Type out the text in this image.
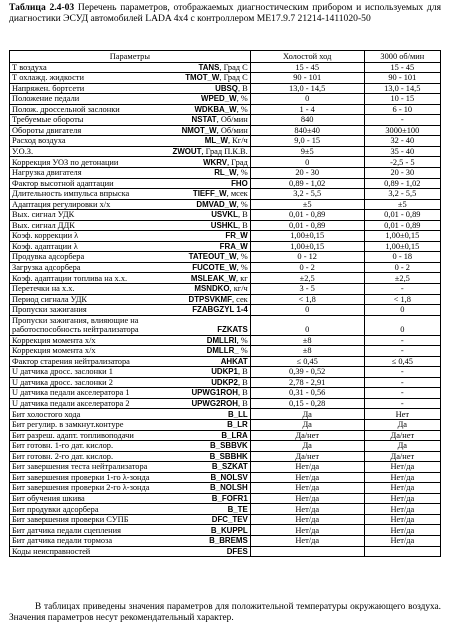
Таблица 2.4-03 Перечень параметров, отображаемых диагностическим прибором и используемых для диагностики ЭСУД автомобилей LADA 4x4 с контроллером ME17.9.7 21214-1411020-50
Параметры	Холостой ход	3000 об/мин

Т воздуха TANS, Град С	15 - 45	15 - 45

Т охлажд. жидкости TMOT_W, Град С	90 - 101	90 - 101

Напряжен. бортсети UBSQ, В	13,0 - 14,5	13,0 - 14,5

Положение педали WPED_W, %	0	10 - 15

Полож. дроссельной заслонки WDKBA_W, %	1 - 4	6 - 10

Требуемые обороты NSTAT, Об/мин	840	-

Обороты двигателя NMOT_W, Об/мин	840±40	3000±100

Расход воздуха ML_W, Кг/ч	9,0 - 15	32 - 40

У.О.З. ZWOUT, Град П.К.В.	9±5	35 - 40

Коррекция УОЗ по детонации WKRV, Град	0	-2,5 - 5

Нагрузка двигателя RL_W, %	20 - 30	20 - 30

Фактор высотной адаптации FHO	0,89 - 1,02	0,89 - 1,02

Длительность импульса впрыска TIEFF_W, мсек	3,2 - 5,5	3,2 - 5,5

Адаптация регулировки х/х DMVAD_W, %	±5	±5

Вых. сигнал УДК USVKL, В	0,01 - 0,89	0,01 - 0,89

Вых. сигнал ДДК USHKL, В	0,01 - 0,89	0,01 - 0,89

Коэф. коррекции λ FR_W	1,00±0,15	1,00±0,15

Коэф. адаптации λ FRA_W	1,00±0,15	1,00±0,15

Продувка адсорбера TATEOUT_W, %	0 - 12	0 - 18

Загрузка адсорбера FUCOTE_W, %	0 - 2	0 - 2

Коэф. адаптации топлива на х.х. MSLEAK_W, кг	±2,5	±2,5

Перетечки на х.х. MSNDKO, кг/ч	3 - 5	-

Период сигнала УДК DTPSVKMF, сек	< 1,8	< 1,8

Пропуски зажигания FZABGZYL 1-4	0	0

Пропуски зажигания, влияющие на работоспособность нейтрализатора FZKATS	0	0

Коррекция момента х/х DMLLRI, %	±8	-

Коррекция момента х/х DMLLR_ %	±8	-

Фактор старения нейтрализатора AHKAT	≤ 0,45	≤ 0,45

U датчика дросс. заслонки 1 UDKP1, В	0,39 - 0,52	-

U датчика дросс. заслонки 2 UDKP2, В	2,78 - 2,91	-

U датчика педали акселератора 1 UPWG1ROH, В	0,31 - 0,56	-

U датчика педали акселератора 2 UPWG2ROH, В	0,15 - 0,28	-

Бит холостого хода B_LL	Да	Нет

Бит регулир. в замкнут.контуре B_LR	Да	Да

Бит разреш. адапт. топливоподачи B_LRA	Да/нет	Да/нет

Бит готовн. 1-го дат. кислор. B_SBBVK	Да	Да

Бит готовн. 2-го дат. кислор. B_SBBHK	Да/нет	Да/нет

Бит завершения теста нейтрализатора B_SZKAT	Нет/да	Нет/да

Бит завершения проверки 1-го λ-зонда B_NOLSV	Нет/да	Нет/да

Бит завершения проверки 2-го λ-зонда B_NOLSH	Нет/да	Нет/да

Бит обучения шкива B_FOFR1	Нет/да	Нет/да

Бит продувки адсорбера B_TE	Нет/да	Нет/да

Бит завершения проверки СУПБ DFC_TEV	Нет/да	Нет/да

Бит датчика педали сцепления B_KUPPL	Нет/да	Нет/да

Бит датчика педали тормоза B_BREMS	Нет/да	Нет/да

Коды неисправностей DFES		

В таблицах приведены значения параметров для положительной температуры окружающего воздуха. Значения параметров несут рекомендательный характер.
